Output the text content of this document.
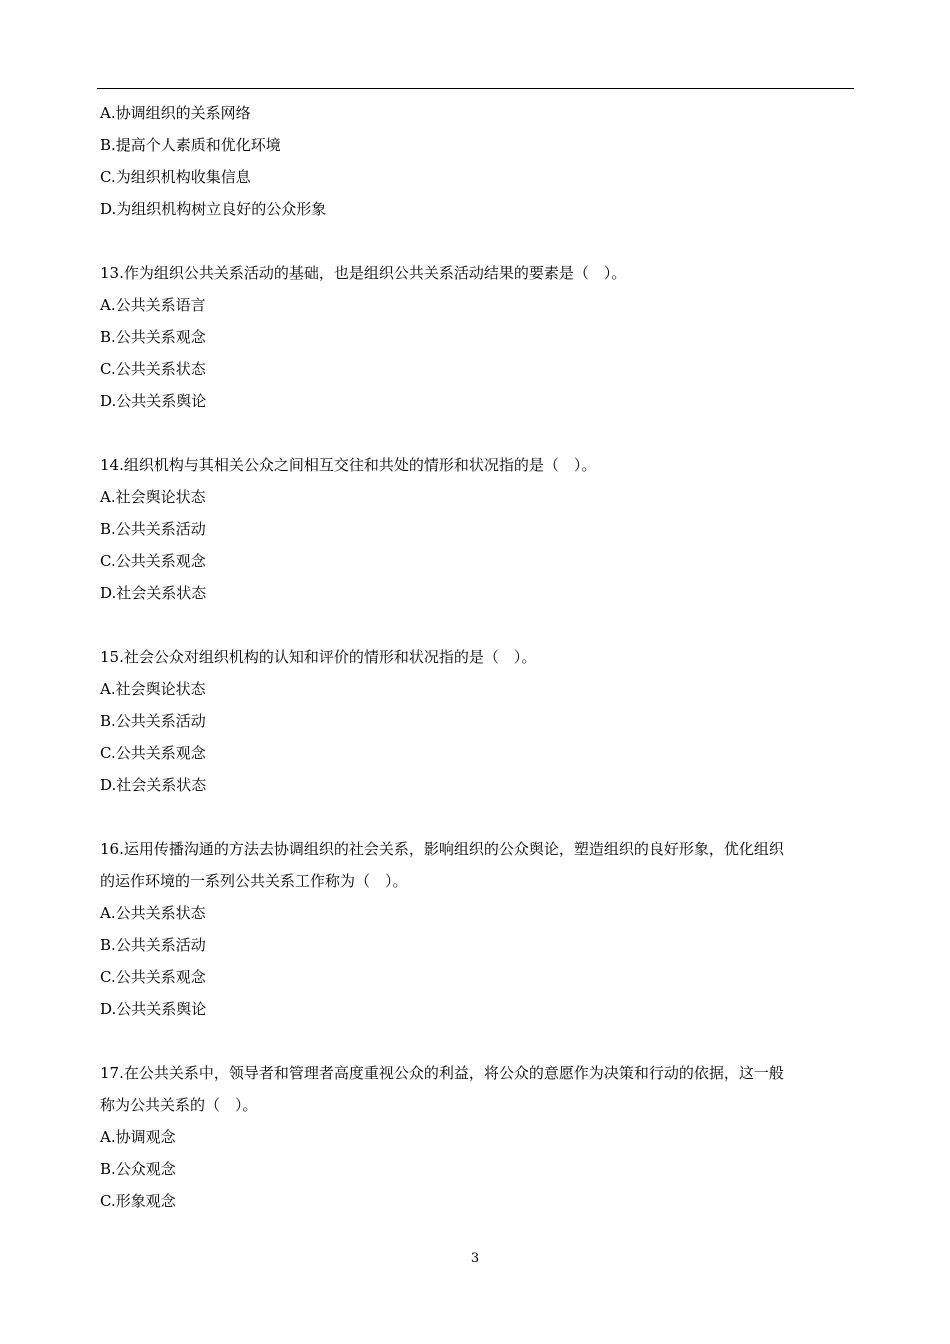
A.协调组织的关系网络
B.提高个人素质和优化环境
C.为组织机构收集信息
D.为组织机构树立良好的公众形象
13.作为组织公共关系活动的基础，也是组织公共关系活动结果的要素是（　）。
A.公共关系语言
B.公共关系观念
C.公共关系状态
D.公共关系舆论
14.组织机构与其相关公众之间相互交往和共处的情形和状况指的是（　）。
A.社会舆论状态
B.公共关系活动
C.公共关系观念
D.社会关系状态
15.社会公众对组织机构的认知和评价的情形和状况指的是（　）。
A.社会舆论状态
B.公共关系活动
C.公共关系观念
D.社会关系状态
16.运用传播沟通的方法去协调组织的社会关系，影响组织的公众舆论，塑造组织的良好形象，优化组织
的运作环境的一系列公共关系工作称为（　）。
A.公共关系状态
B.公共关系活动
C.公共关系观念
D.公共关系舆论
17.在公共关系中，领导者和管理者高度重视公众的利益，将公众的意愿作为决策和行动的依据，这一般
称为公共关系的（　）。
A.协调观念
B.公众观念
C.形象观念
3
